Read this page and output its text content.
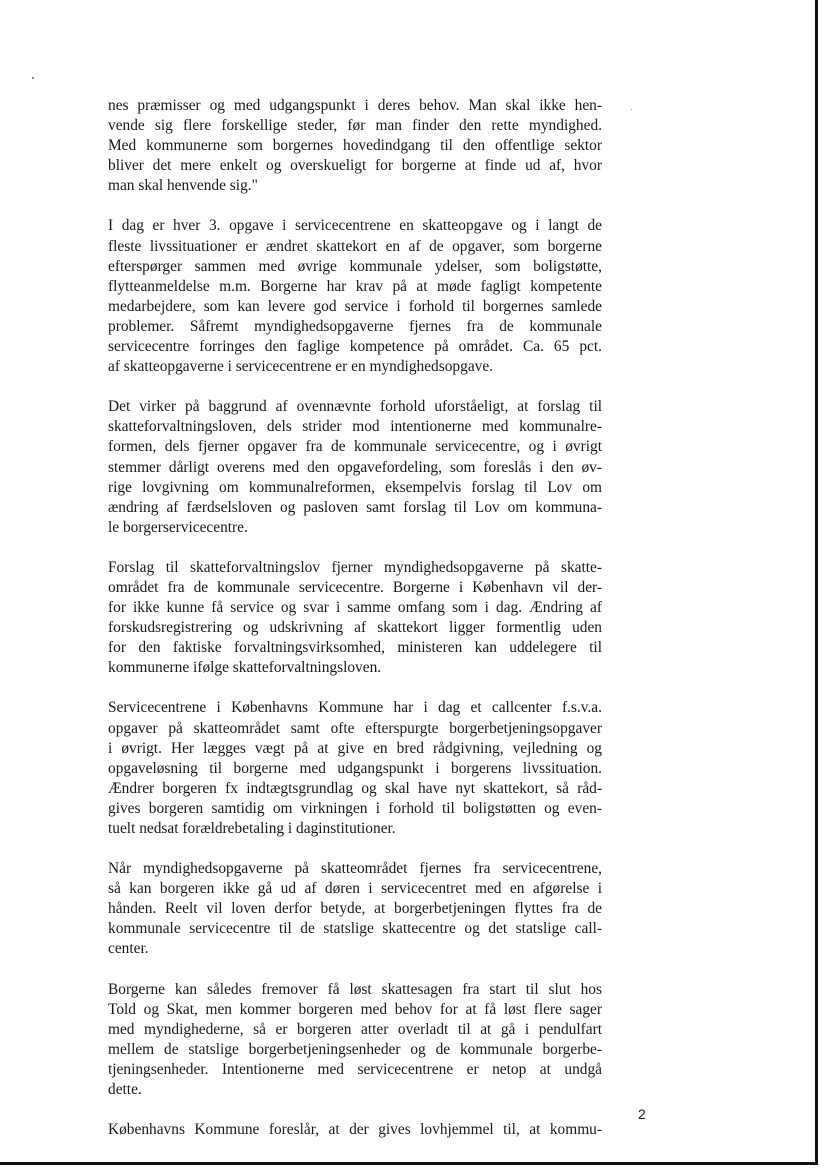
nes præmisser og med udgangspunkt i deres behov. Man skal ikke hen-
vende sig flere forskellige steder, før man finder den rette myndighed.
Med kommunerne som borgernes hovedindgang til den offentlige sektor
bliver det mere enkelt og overskueligt for borgerne at finde ud af, hvor
man skal henvende sig."
I dag er hver 3. opgave i servicecentrene en skatteopgave og i langt de
fleste livssituationer er ændret skattekort en af de opgaver, som borgerne
efterspørger sammen med øvrige kommunale ydelser, som boligstøtte,
flytteanmeldelse m.m. Borgerne har krav på at møde fagligt kompetente
medarbejdere, som kan levere god service i forhold til borgernes samlede
problemer. Såfremt myndighedsopgaverne fjernes fra de kommunale
servicecentre forringes den faglige kompetence på området. Ca. 65 pct.
af skatteopgaverne i servicecentrene er en myndighedsopgave.
Det virker på baggrund af ovennævnte forhold uforståeligt, at forslag til
skatteforvaltningsloven, dels strider mod intentionerne med kommunalre-
formen, dels fjerner opgaver fra de kommunale servicecentre, og i øvrigt
stemmer dårligt overens med den opgavefordeling, som foreslås i den øv-
rige lovgivning om kommunalreformen, eksempelvis forslag til Lov om
ændring af færdselsloven og pasloven samt forslag til Lov om kommuna-
le borgerservicecentre.
Forslag til skatteforvaltningslov fjerner myndighedsopgaverne på skatte-
området fra de kommunale servicecentre. Borgerne i København vil der-
for ikke kunne få service og svar i samme omfang som i dag. Ændring af
forskudsregistrering og udskrivning af skattekort ligger formentlig uden
for den faktiske forvaltningsvirksomhed, ministeren kan uddelegere til
kommunerne ifølge skatteforvaltningsloven.
Servicecentrene i Københavns Kommune har i dag et callcenter f.s.v.a.
opgaver på skatteområdet samt ofte efterspurgte borgerbetjeningsopgaver
i øvrigt. Her lægges vægt på at give en bred rådgivning, vejledning og
opgaveløsning til borgerne med udgangspunkt i borgerens livssituation.
Ændrer borgeren fx indtægtsgrundlag og skal have nyt skattekort, så råd-
gives borgeren samtidig om virkningen i forhold til boligstøtten og even-
tuelt nedsat forældrebetaling i daginstitutioner.
Når myndighedsopgaverne på skatteområdet fjernes fra servicecentrene,
så kan borgeren ikke gå ud af døren i servicecentret med en afgørelse i
hånden. Reelt vil loven derfor betyde, at borgerbetjeningen flyttes fra de
kommunale servicecentre til de statslige skattecentre og det statslige call-
center.
Borgerne kan således fremover få løst skattesagen fra start til slut hos
Told og Skat, men kommer borgeren med behov for at få løst flere sager
med myndighederne, så er borgeren atter overladt til at gå i pendulfart
mellem de statslige borgerbetjeningsenheder og de kommunale borgerbe-
tjeningsenheder. Intentionerne med servicecentrene er netop at undgå
dette.
Københavns Kommune foreslår, at der gives lovhjemmel til, at kommu-
2
